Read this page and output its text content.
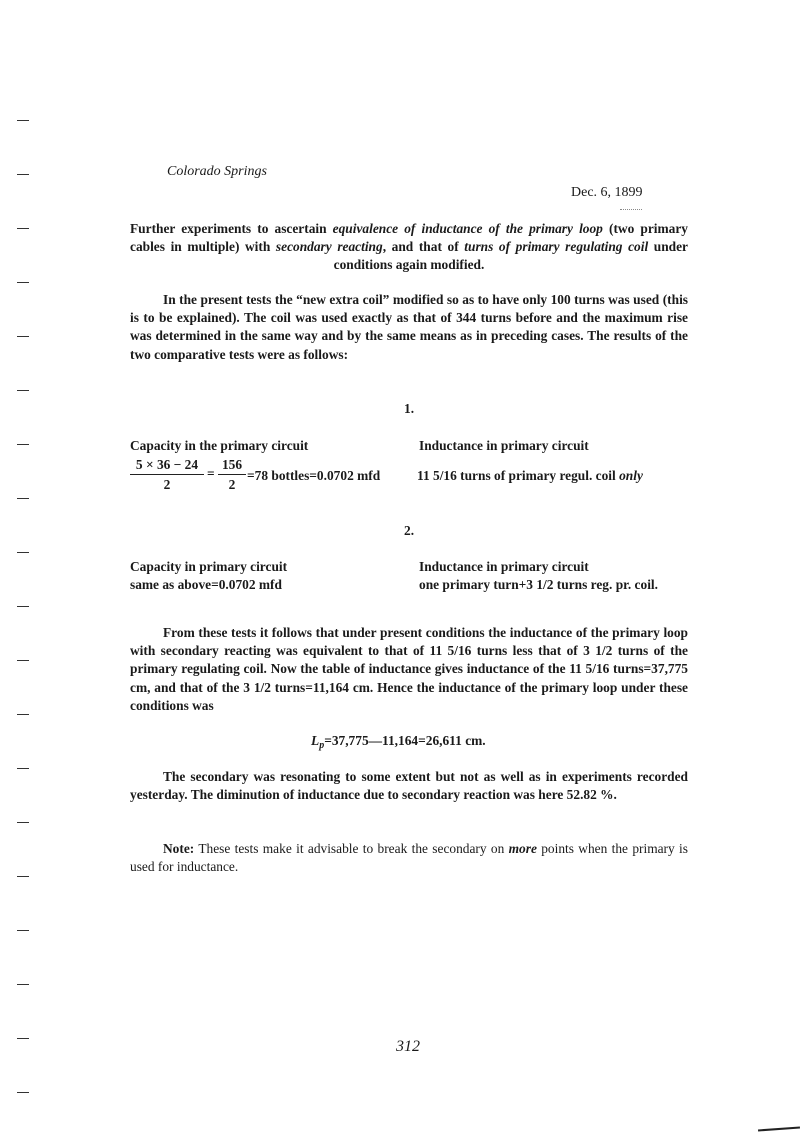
Colorado Springs
Dec. 6, 1899
Further experiments to ascertain equivalence of inductance of the primary loop (two primary cables in multiple) with secondary reacting, and that of turns of primary regulating coil under conditions again modified.
In the present tests the “new extra coil” modified so as to have only 100 turns was used (this is to be explained). The coil was used exactly as that of 344 turns before and the maximum rise was determined in the same way and by the same means as in preceding cases. The results of the two comparative tests were as follows:
1.
Capacity in the primary circuit	Inductance in primary circuit
$\frac{5 \times 36 - 24}{2} = \frac{156}{2} =78$ bottles=0.0702 mfd	11 5/16 turns of primary regul. coil only
2.
Capacity in primary circuit
same as above=0.0702 mfd
Inductance in primary circuit
one primary turn+3 1/2 turns reg. pr. coil.
From these tests it follows that under present conditions the inductance of the primary loop with secondary reacting was equivalent to that of 11 5/16 turns less that of 3 1/2 turns of the primary regulating coil. Now the table of inductance gives inductance of the 11 5/16 turns=37,775 cm, and that of the 3 1/2 turns=11,164 cm. Hence the inductance of the primary loop under these conditions was
$L_p=37,775—11,164=26,611$ cm.
The secondary was resonating to some extent but not as well as in experiments recorded yesterday. The diminution of inductance due to secondary reaction was here 52.82 %.
Note: These tests make it advisable to break the secondary on more points when the primary is used for inductance.
312
